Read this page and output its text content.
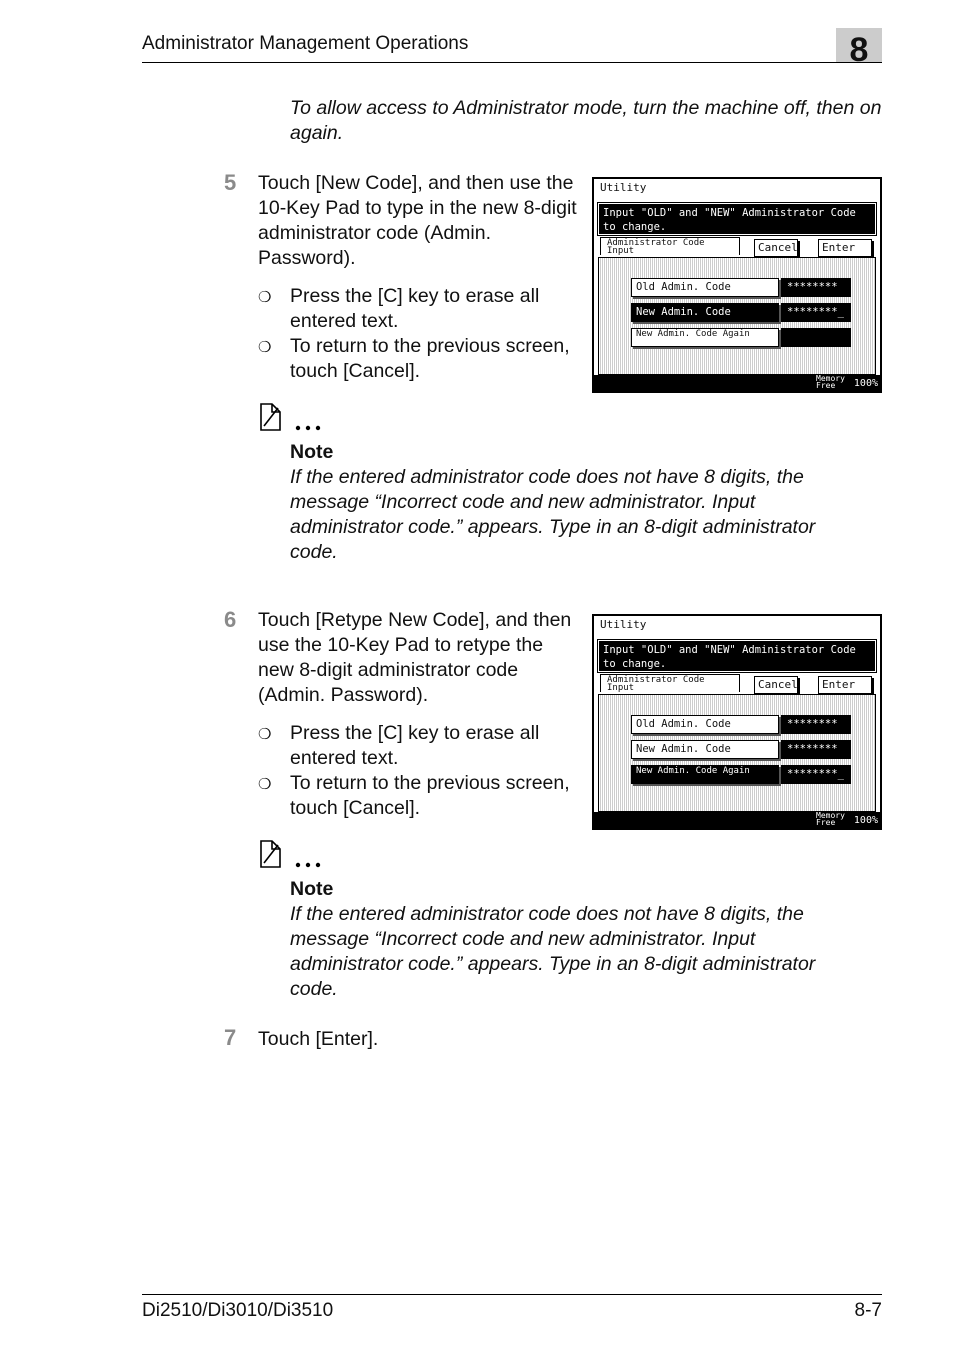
Administrator Management Operations	8
To allow access to Administrator mode, turn the machine off, then on again.
5 Touch [New Code], and then use the 10-Key Pad to type in the new 8-digit administrator code (Admin. Password).
❍ Press the [C] key to erase all entered text.
❍ To return to the previous screen, touch [Cancel].
Utility
Input "OLD" and "NEW" Administrator Code to change.
Administrator Code Input	Cancel	Enter
Old Admin. Code	********
New Admin. Code	********_
New Admin. Code Again
Memory Free	100%
Note
If the entered administrator code does not have 8 digits, the message “Incorrect code and new administrator. Input administrator code.” appears. Type in an 8-digit administrator code.
6 Touch [Retype New Code], and then use the 10-Key Pad to retype the new 8-digit administrator code (Admin. Password).
❍ Press the [C] key to erase all entered text.
❍ To return to the previous screen, touch [Cancel].
Utility
Input "OLD" and "NEW" Administrator Code to change.
Administrator Code Input	Cancel	Enter
Old Admin. Code	********
New Admin. Code	********
New Admin. Code Again	********_
Memory Free	100%
Note
If the entered administrator code does not have 8 digits, the message “Incorrect code and new administrator. Input administrator code.” appears. Type in an 8-digit administrator code.
7 Touch [Enter].
Di2510/Di3010/Di3510	8-7
